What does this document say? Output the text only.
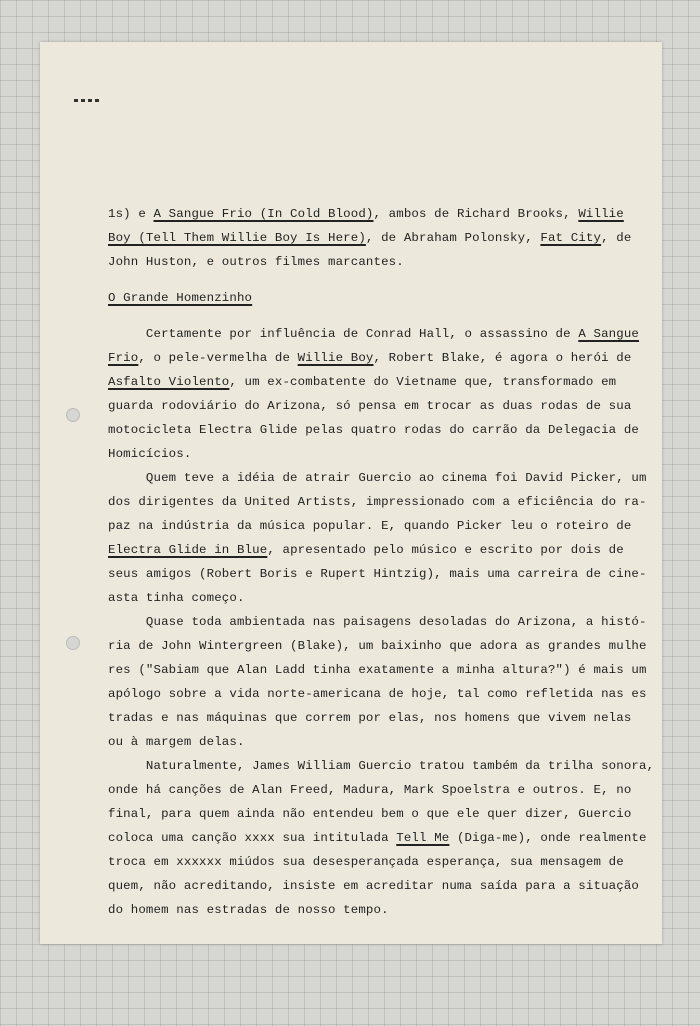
1s) e A Sangue Frio (In Cold Blood), ambos de Richard Brooks, Willie
Boy (Tell Them Willie Boy Is Here), de Abraham Polonsky, Fat City, de
John Huston, e outros filmes marcantes.
O Grande Homenzinho
Certamente por influência de Conrad Hall, o assassino de A Sangue
Frio, o pele-vermelha de Willie Boy, Robert Blake, é agora o herói de
Asfalto Violento, um ex-combatente do Vietname que, transformado em
guarda rodoviário do Arizona, só pensa em trocar as duas rodas de sua
motocicleta Electra Glide pelas quatro rodas do carrão da Delegacia de
Homicícios.
Quem teve a idéia de atrair Guercio ao cinema foi David Picker, um
dos dirigentes da United Artists, impressionado com a eficiência do ra-
paz na indústria da música popular. E, quando Picker leu o roteiro de
Electra Glide in Blue, apresentado pelo músico e escrito por dois de
seus amigos (Robert Boris e Rupert Hintzig), mais uma carreira de cine-
asta tinha começo.
Quase toda ambientada nas paisagens desoladas do Arizona, a histó-
ria de John Wintergreen (Blake), um baixinho que adora as grandes mulhe
res ("Sabiam que Alan Ladd tinha exatamente a minha altura?") é mais um
apólogo sobre a vida norte-americana de hoje, tal como refletida nas es
tradas e nas máquinas que correm por elas, nos homens que vivem nelas
ou à margem delas.
Naturalmente, James William Guercio tratou também da trilha sonora,
onde há canções de Alan Freed, Madura, Mark Spoelstra e outros. E, no
final, para quem ainda não entendeu bem o que ele quer dizer, Guercio
coloca uma canção xxxx sua intitulada Tell Me (Diga-me), onde realmente
troca em xxxxxx miúdos sua desesperançada esperança, sua mensagem de
quem, não acreditando, insiste em acreditar numa saída para a situação
do homem nas estradas de nosso tempo.
